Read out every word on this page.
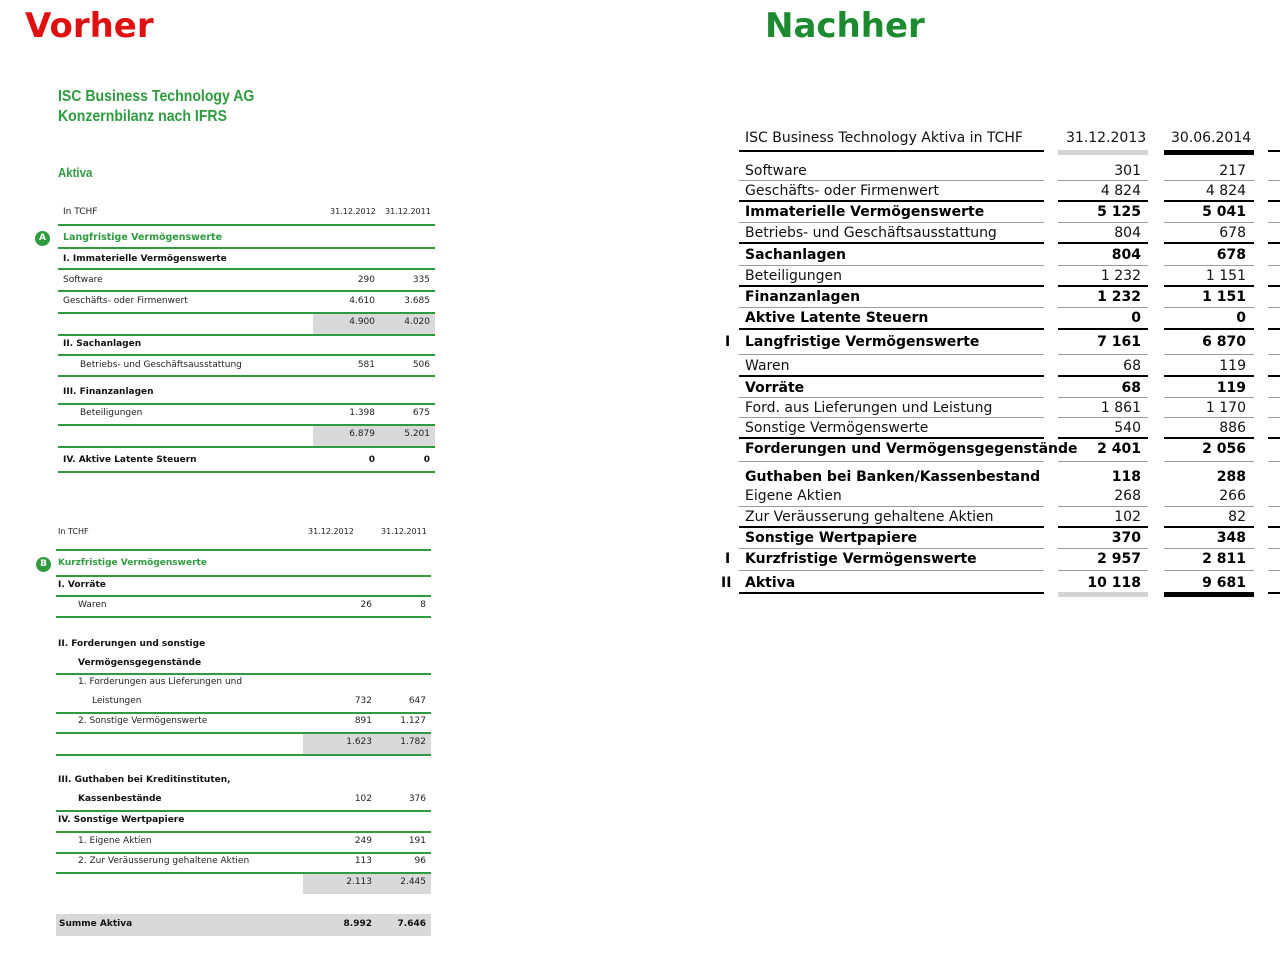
Vorher	Nachher
ISC Business Technology AG
Konzernbilanz nach IFRS
Aktiva
In TCHF	31.12.2012 31.12.2011
A	Langfristige Vermögenswerte
I. Immaterielle Vermögenswerte
Software	290	335
Geschäfts- oder Firmenwert	4.610	3.685
4.900	4.020
II. Sachanlagen
Betriebs- und Geschäftsausstattung	581	506
III. Finanzanlagen
Beteiligungen	1.398	675
6.879	5.201
IV. Aktive Latente Steuern	0	0
In TCHF	31.12.2012	31.12.2011
B	Kurzfristige Vermögenswerte
I. Vorräte
Waren	26	8
II. Forderungen und sonstige
Vermögensgegenstände
1. Forderungen aus Lieferungen und
Leistungen	732	647
2. Sonstige Vermögenswerte	891	1.127
1.623	1.782
III. Guthaben bei Kreditinstituten,
Kassenbestände	102	376
IV. Sonstige Wertpapiere
1. Eigene Aktien	249	191
2. Zur Veräusserung gehaltene Aktien	113	96
2.113	2.445
Summe Aktiva	8.992	7.646
ISC Business Technology Aktiva in TCHF	31.12.2013 30.06.2014
Software	301	217
Geschäfts- oder Firmenwert	4 824	4 824
Immaterielle Vermögenswerte	5 125	5 041
Betriebs- und Geschäftsausstattung	804	678
Sachanlagen	804	678
Beteiligungen	1 232	1 151
Finanzanlagen	1 232	1 151
Aktive Latente Steuern	0	0
I Langfristige Vermögenswerte	7 161	6 870
Waren	68	119
Vorräte	68	119
Ford. aus Lieferungen und Leistung	1 861	1 170
Sonstige Vermögenswerte	540	886
Forderungen und Vermögensgegenstände	2 401	2 056
Guthaben bei Banken/Kassenbestand	118	288
Eigene Aktien	268	266
Zur Veräusserung gehaltene Aktien	102	82
Sonstige Wertpapiere	370	348
I Kurzfristige Vermögenswerte	2 957	2 811
II Aktiva	10 118	9 681
